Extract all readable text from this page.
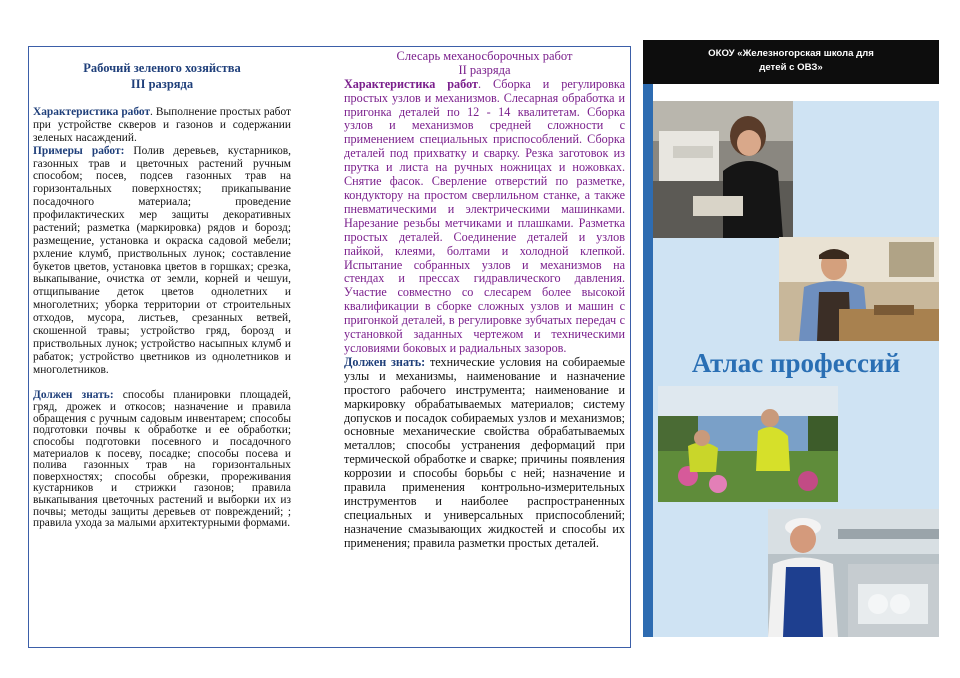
Рабочий зеленого хозяйства
III разряда

Характеристика работ. Выполнение простых работ при устройстве скверов и газонов и содержании зеленых насаждений.

Примеры работ: Полив деревьев, кустарников, газонных трав и цветочных растений ручным способом; посев, подсев газонных трав на горизонтальных поверхностях; прикапывание посадочного материала; проведение профилактических мер защиты декоративных растений; разметка (маркировка) рядов и борозд; размещение, установка и окраска садовой мебели; рхление клумб, приствольных лунок; составление букетов цветов, установка цветов в горшках; срезка, выкапывание, очистка от земли, корней и чешуи, отщипывание деток цветов однолетних и многолетних; уборка территории от строительных отходов, мусора, листьев, срезанных ветвей, скошенной травы; устройство гряд, борозд и приствольных лунок; устройство насыпных клумб и рабаток; устройство цветников из однолетников и многолетников.

Должен знать: способы планировки площадей, гряд, дрожек и откосов; назначение и правила обращения с ручным садовым инвентарем; способы подготовки почвы к обработке и ее обработки; способы подготовки посевного и посадочного материалов к посеву, посадке; способы посева и полива газонных трав на горизонтальных поверхностях; способы обрезки, прореживания кустарников и стрижки газонов; правила выкапывания цветочных растений и выборки их из почвы; методы защиты деревьев от повреждений; ; правила ухода за малыми архитектурными формами.

Слесарь механосборочных работ
II разряда

Характеристика работ. Сборка и регулировка простых узлов и механизмов. Слесарная обработка и пригонка деталей по 12 - 14 квалитетам. Сборка узлов и механизмов средней сложности с применением специальных приспособлений. Сборка деталей под прихватку и сварку. Резка заготовок из прутка и листа на ручных ножницах и ножовках. Снятие фасок. Сверление отверстий по разметке, кондуктору на простом сверлильном станке, а также пневматическими и электрическими машинками. Нарезание резьбы метчиками и плашками. Разметка простых деталей. Соединение деталей и узлов пайкой, клеями, болтами и холодной клепкой. Испытание собранных узлов и механизмов на стендах и прессах гидравлического давления. Участие совместно со слесарем более высокой квалификации в сборке сложных узлов и машин с пригонкой деталей, в регулировке зубчатых передач с установкой заданных чертежом и техническими условиями боковых и радиальных зазоров.

Должен знать: технические условия на собираемые узлы и механизмы, наименование и назначение простого рабочего инструмента; наименование и маркировку обрабатываемых материалов; систему допусков и посадок собираемых узлов и механизмов; основные механические свойства обрабатываемых металлов; способы устранения деформаций при термической обработке и сварке; причины появления коррозии и способы борьбы с ней; назначение и правила применения контрольно-измерительных инструментов и наиболее распространенных специальных и универсальных приспособлений; назначение смазывающих жидкостей и способы их применения; правила разметки простых деталей.

ОКОУ «Железногорская школа для
детей с ОВЗ»
Атлас профессий
